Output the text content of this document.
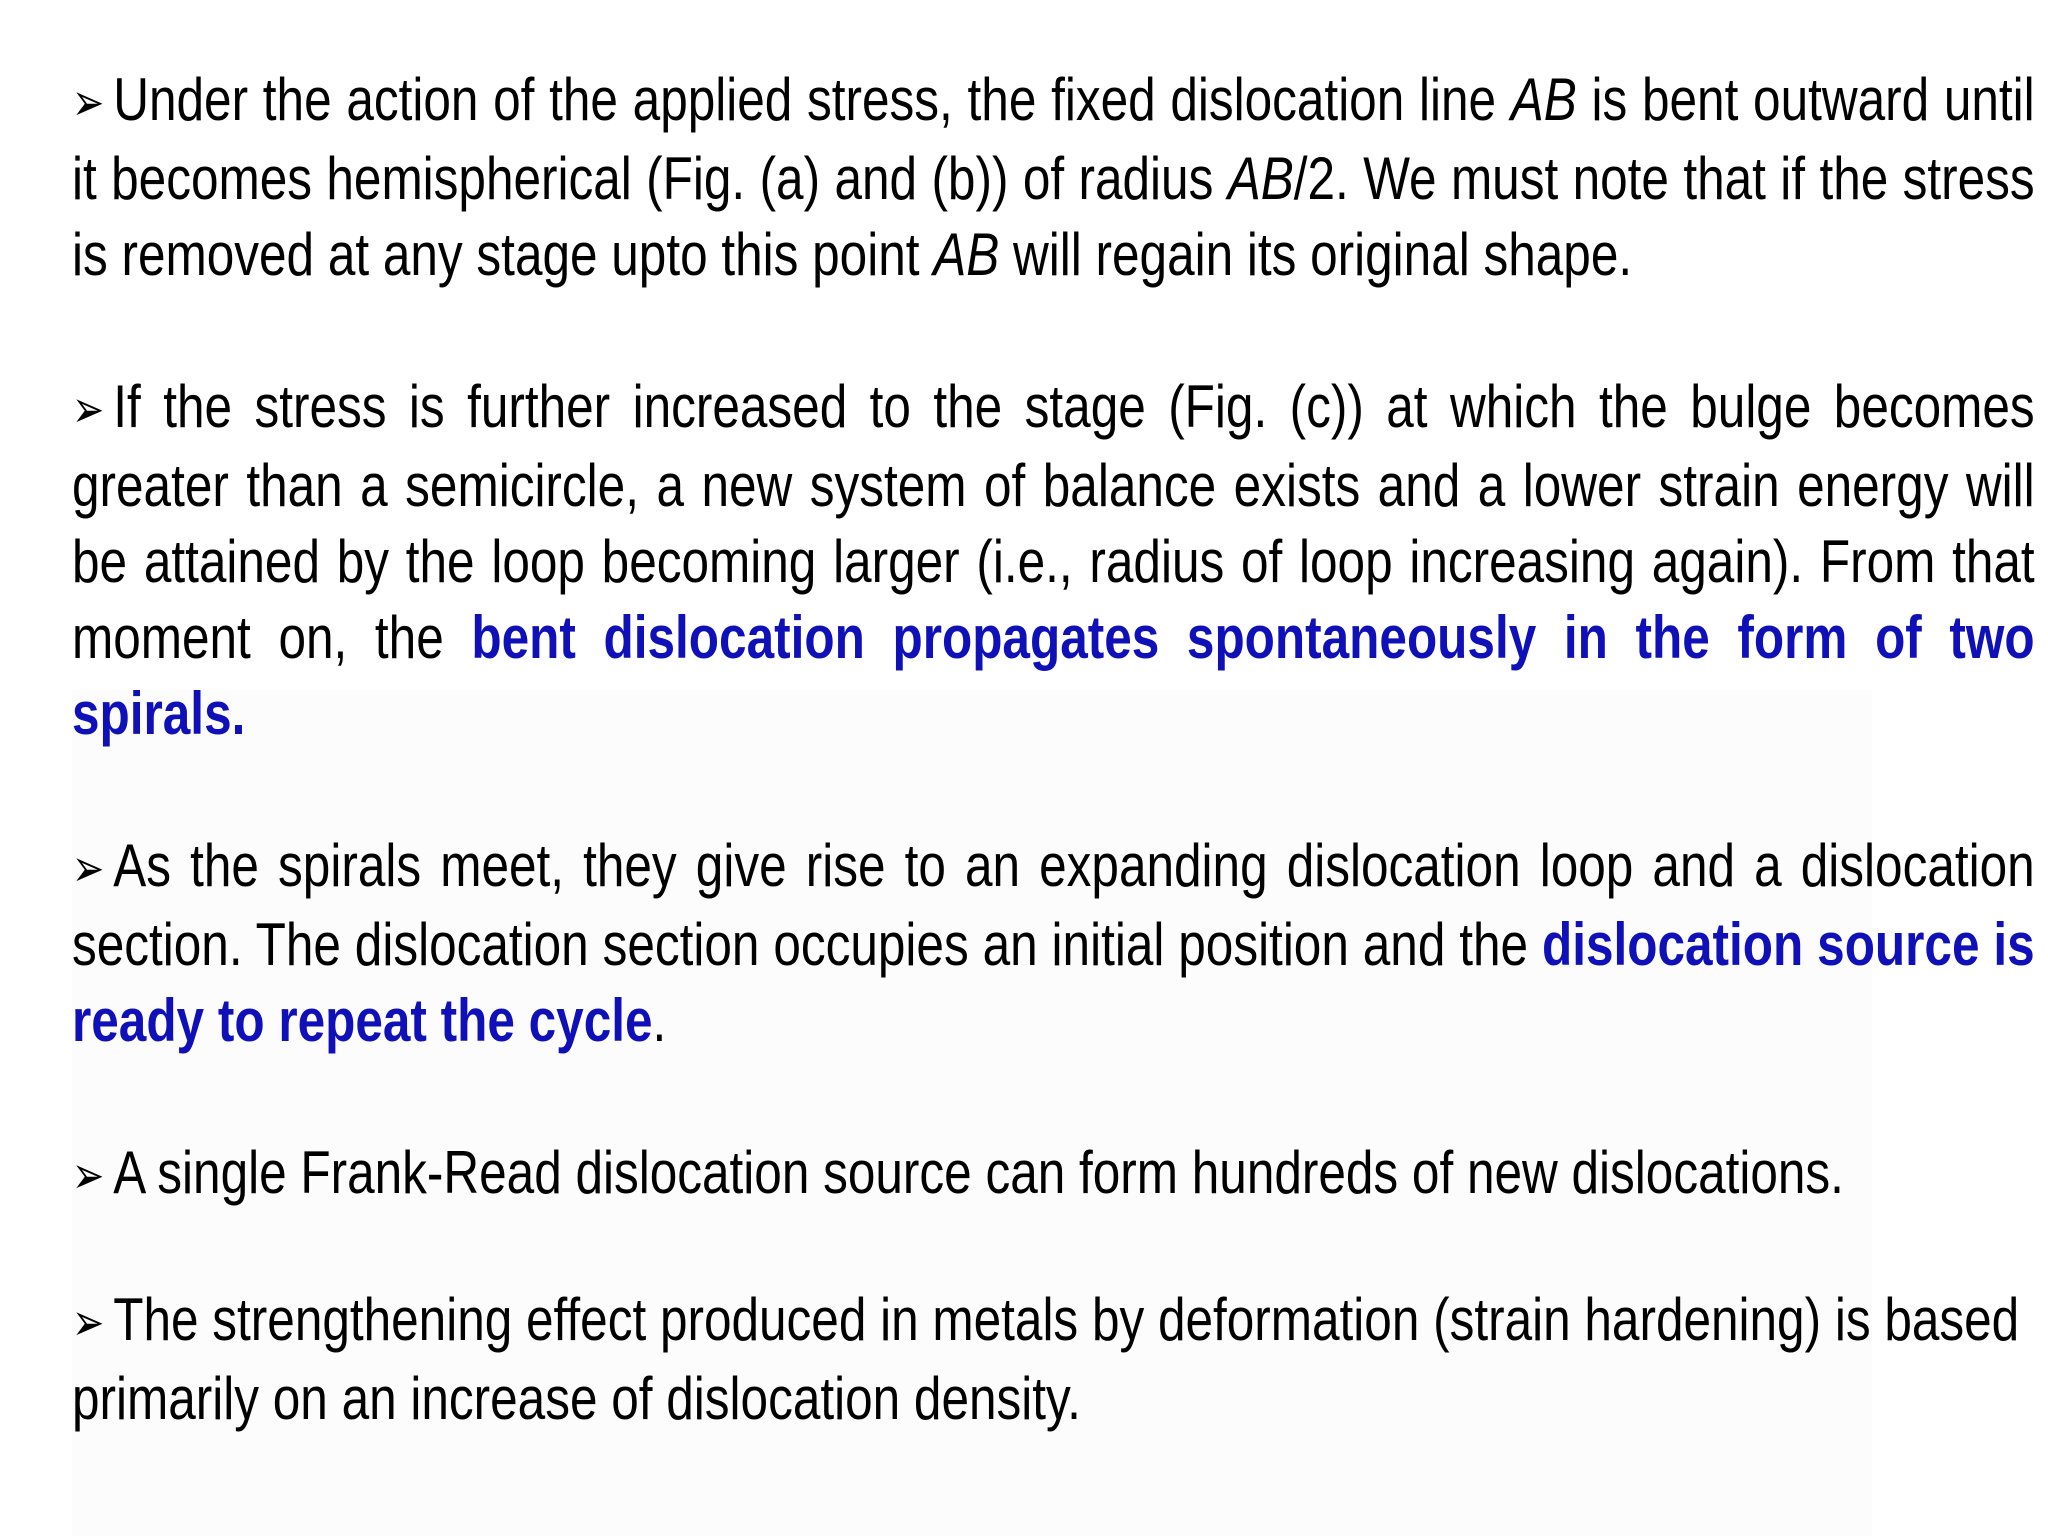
➢ Under the action of the applied stress, the fixed dislocation line AB is bent outward until it becomes hemispherical (Fig. (a) and (b)) of radius AB/2. We must note that if the stress is removed at any stage upto this point AB will regain its original shape.

➢ If the stress is further increased to the stage (Fig. (c)) at which the bulge becomes greater than a semicircle, a new system of balance exists and a lower strain energy will be attained by the loop becoming larger (i.e., radius of loop increasing again). From that moment on, the bent dislocation propagates spontaneously in the form of two spirals.

➢ As the spirals meet, they give rise to an expanding dislocation loop and a dislocation section. The dislocation section occupies an initial position and the dislocation source is ready to repeat the cycle.

➢ A single Frank-Read dislocation source can form hundreds of new dislocations.

➢ The strengthening effect produced in metals by deformation (strain hardening) is based primarily on an increase of dislocation density.
